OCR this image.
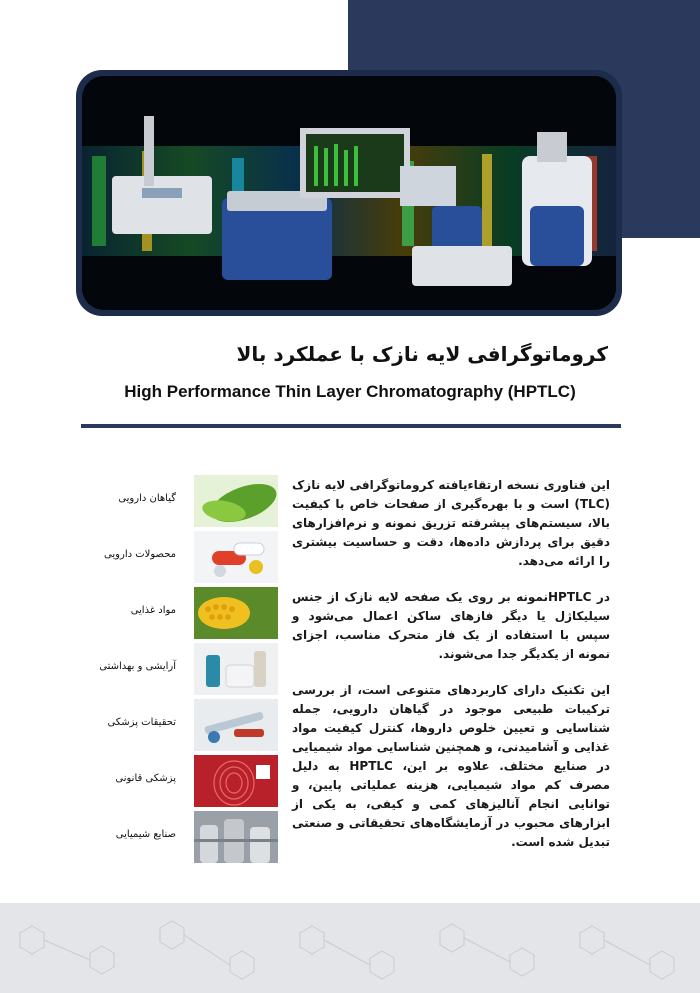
کروماتوگرافی لایه نازک با عملکرد بالا
High Performance Thin Layer Chromatography (HPTLC)
گیاهان دارویی
محصولات دارویی
مواد غذایی
آرایشی و بهداشتی
تحقیقات پزشکی
پزشکی قانونی
صنایع شیمیایی

این فناوری نسخه ارتقاءیافته کروماتوگرافی لایه نازک (TLC) است و با بهره‌گیری از صفحات خاص با کیفیت بالا، سیستم‌های پیشرفته تزریق نمونه و نرم‌افزارهای دقیق برای پردازش داده‌ها، دقت و حساسیت بیشتری را ارائه می‌دهد.

در HPTLCنمونه بر روی یک صفحه لایه نازک از جنس سیلیکاژل یا دیگر فازهای ساکن اعمال می‌شود و سپس با استفاده از یک فاز متحرک مناسب، اجزای نمونه از یکدیگر جدا می‌شوند.

این تکنیک دارای کاربردهای متنوعی است، از بررسی ترکیبات طبیعی موجود در گیاهان دارویی، جمله شناسایی و تعیین خلوص داروها، کنترل کیفیت مواد غذایی و آشامیدنی، و همچنین شناسایی مواد شیمیایی در صنایع مختلف. علاوه بر این، HPTLC به دلیل مصرف کم مواد شیمیایی، هزینه عملیاتی پایین، و توانایی انجام آنالیزهای کمی و کیفی، به یکی از ابزارهای محبوب در آزمایشگاه‌های تحقیقاتی و صنعتی تبدیل شده است.
